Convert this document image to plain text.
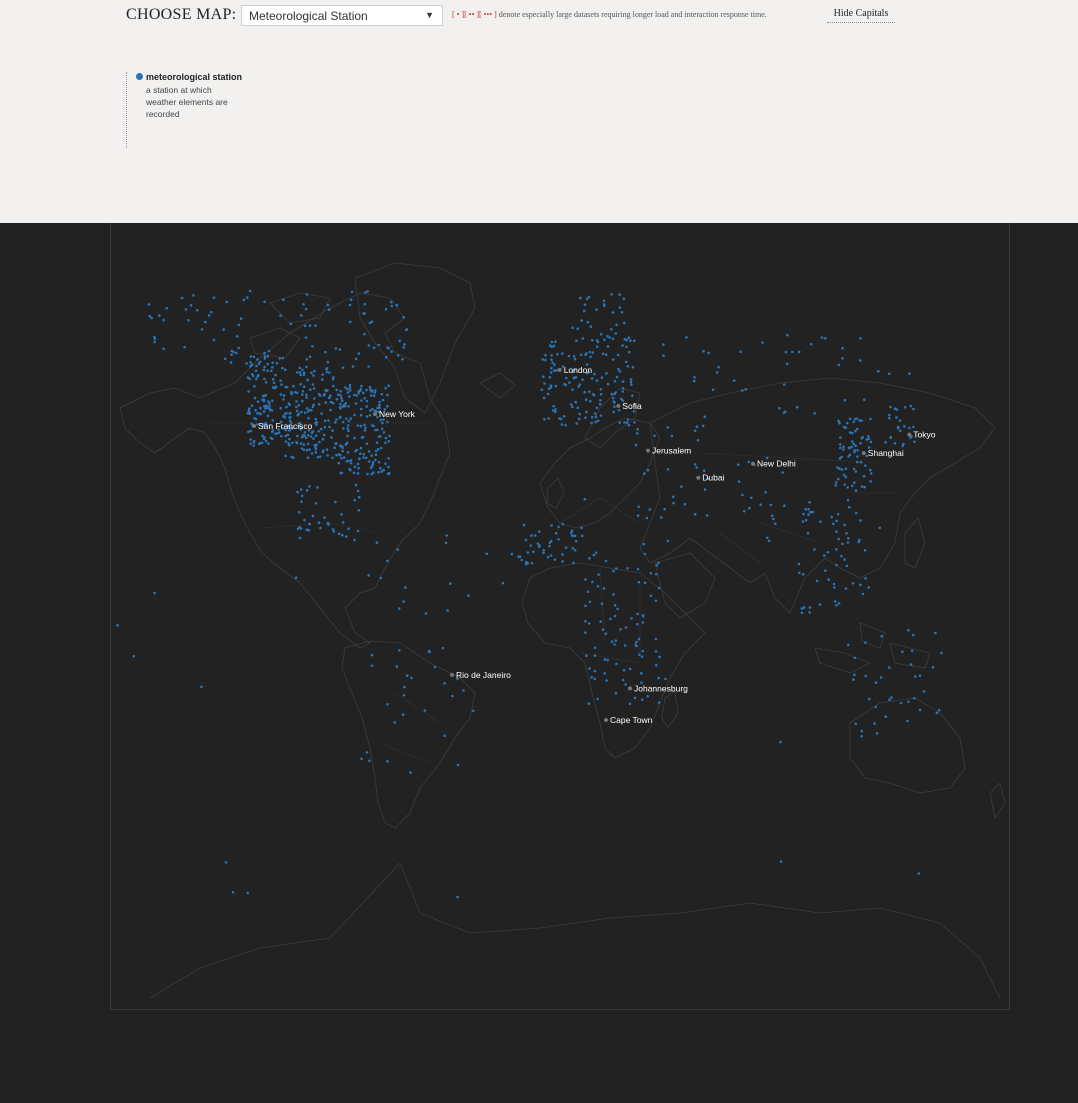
CHOOSE MAP: Meteorological Station	▼ [ • ][ •• ][ ••• ] denote especially large datasets requiring longer load and interaction response time.	Hide Capitals
meteorological station
a station at which weather elements are recorded
London
Sofia
New York
San Francisco
Jerusalem
Dubai
New Delhi
Shanghai
Tokyo
Rio de Janeiro
Johannesburg
Cape Town
